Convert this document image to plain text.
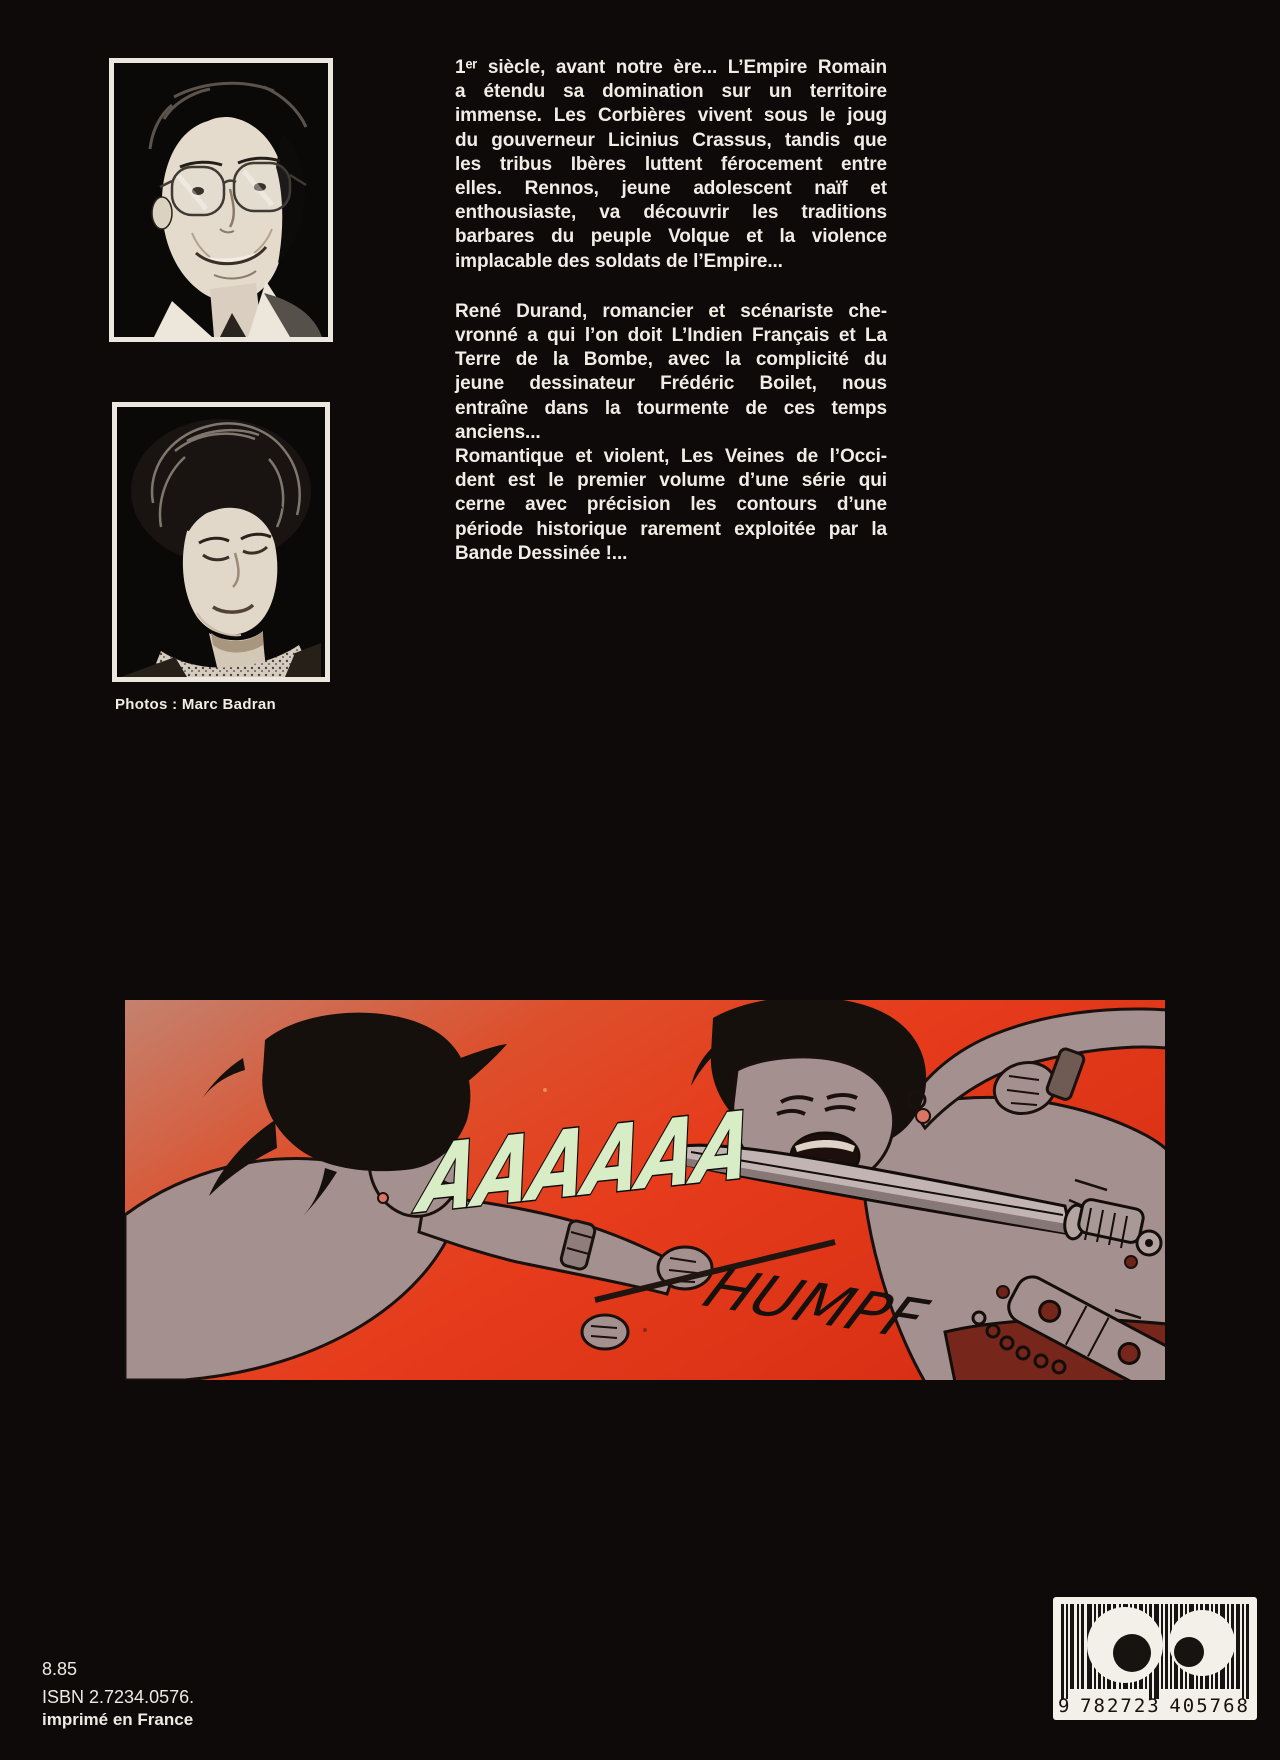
Photos : Marc Badran
1ᵉʳ siècle, avant notre ère... L’Empire Romain
a étendu sa domination sur un territoire
immense. Les Corbières vivent sous le joug
du gouverneur Licinius Crassus, tandis que
les tribus Ibères luttent férocement entre
elles. Rennos, jeune adolescent naïf et
enthousiaste, va découvrir les traditions
barbares du peuple Volque et la violence
implacable des soldats de l’Empire...
René Durand, romancier et scénariste che-
vronné a qui l’on doit L’Indien Français et La
Terre de la Bombe, avec la complicité du
jeune dessinateur Frédéric Boilet, nous
entraîne dans la tourmente de ces temps
anciens...
Romantique et violent, Les Veines de l’Occi-
dent est le premier volume d’une série qui
cerne avec précision les contours d’une
période historique rarement exploitée par la
Bande Dessinée !...
AAAAAA
HUMPF
8.85
ISBN 2.7234.0576.
imprimé en France
9 782723 405768
